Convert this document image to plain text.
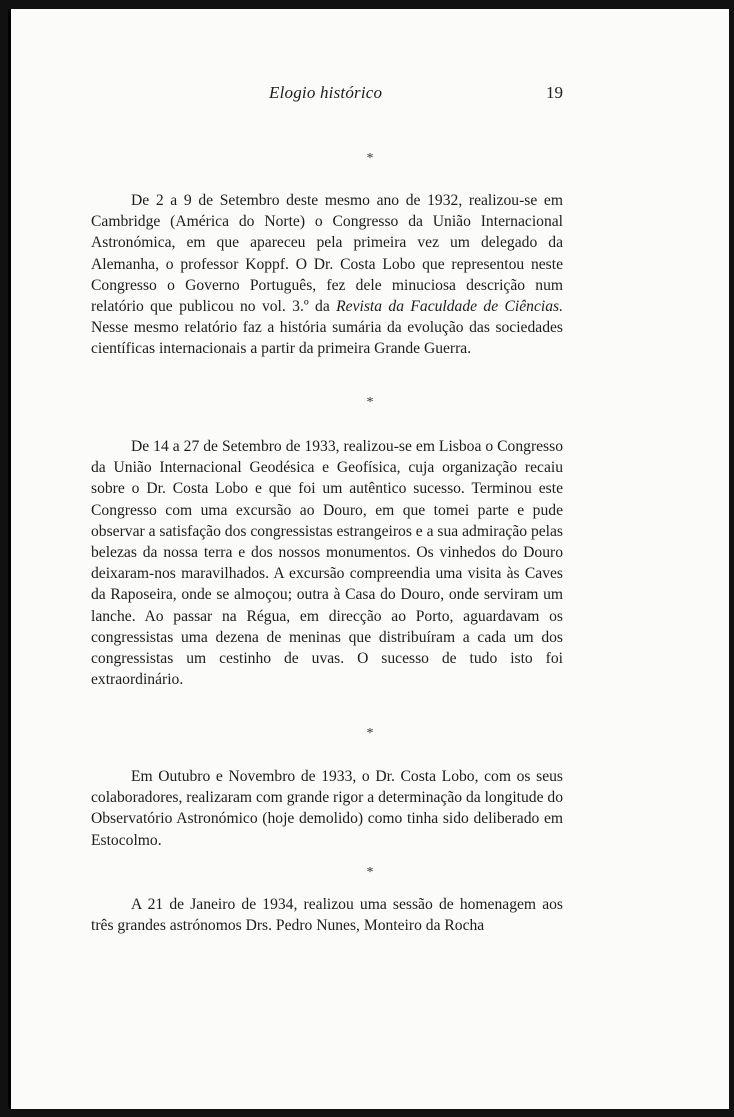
Elogio histórico	19
*

De 2 a 9 de Setembro deste mesmo ano de 1932, realizou-se em Cambridge (América do Norte) o Congresso da União Internacional Astronómica, em que apareceu pela primeira vez um delegado da Alemanha, o professor Koppf. O Dr. Costa Lobo que representou neste Congresso o Governo Português, fez dele minuciosa descrição num relatório que publicou no vol. 3.º da Revista da Faculdade de Ciências. Nesse mesmo relatório faz a história sumária da evolução das sociedades científicas internacionais a partir da primeira Grande Guerra.

*

De 14 a 27 de Setembro de 1933, realizou-se em Lisboa o Congresso da União Internacional Geodésica e Geofísica, cuja organização recaiu sobre o Dr. Costa Lobo e que foi um autêntico sucesso. Terminou este Congresso com uma excursão ao Douro, em que tomei parte e pude observar a satisfação dos congressistas estrangeiros e a sua admiração pelas belezas da nossa terra e dos nossos monumentos. Os vinhedos do Douro deixaram-nos maravilhados. A excursão compreendia uma visita às Caves da Raposeira, onde se almoçou; outra à Casa do Douro, onde serviram um lanche. Ao passar na Régua, em direcção ao Porto, aguardavam os congressistas uma dezena de meninas que distribuíram a cada um dos congressistas um cestinho de uvas. O sucesso de tudo isto foi extraordinário.

*

Em Outubro e Novembro de 1933, o Dr. Costa Lobo, com os seus colaboradores, realizaram com grande rigor a determinação da longitude do Observatório Astronómico (hoje demolido) como tinha sido deliberado em Estocolmo.

*

A 21 de Janeiro de 1934, realizou uma sessão de homenagem aos três grandes astrónomos Drs. Pedro Nunes, Monteiro da Rocha
